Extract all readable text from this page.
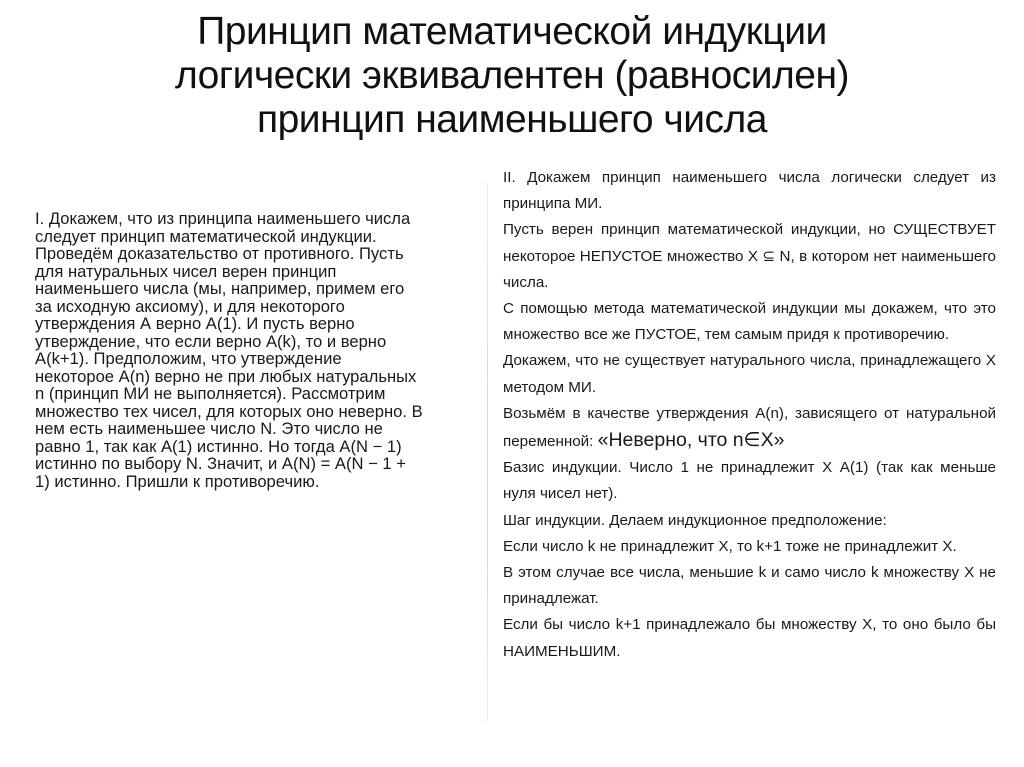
Принцип математической индукции
логически эквивалентен (равносилен)
принцип наименьшего числа

I. Докажем, что из принципа наименьшего числа следует принцип математической индукции. Проведём доказательство от противного. Пусть для натуральных чисел верен принцип наименьшего числа (мы, например, примем его за исходную аксиому), и для некоторого утверждения А верно А(1). И пусть верно утверждение, что если верно А(k), то и верно А(k+1). Предположим, что утверждение некоторое А(n) верно не при любых натуральных n (принцип МИ не выполняется). Рассмотрим множество тех чисел, для которых оно неверно. В нем есть наименьшее число N. Это число не равно 1, так как А(1) истинно. Но тогда А(N − 1) истинно по выбору N. Значит, и А(N) = А(N − 1 + 1) истинно. Пришли к противоречию.

II. Докажем принцип наименьшего числа логически следует из принципа МИ.

Пусть верен принцип математической индукции, но СУЩЕСТВУЕТ некоторое НЕПУСТОЕ множество X ⊆ N, в котором нет наименьшего числа.

С помощью метода математической индукции мы докажем, что это множество все же ПУСТОЕ, тем самым придя к противоречию.

Докажем, что не существует натурального числа, принадлежащего X методом МИ.

Возьмём в качестве утверждения А(n), зависящего от натуральной переменной: «Неверно, что n∈X»

Базис индукции. Число 1 не принадлежит X А(1) (так как меньше нуля чисел нет).

Шаг индукции. Делаем индукционное предположение:

Если число k не принадлежит X, то k+1 тоже не принадлежит X.

В этом случае все числа, меньшие k и само число k множеству X не принадлежат.

Если бы число k+1 принадлежало бы множеству X, то оно было бы НАИМЕНЬШИМ.
